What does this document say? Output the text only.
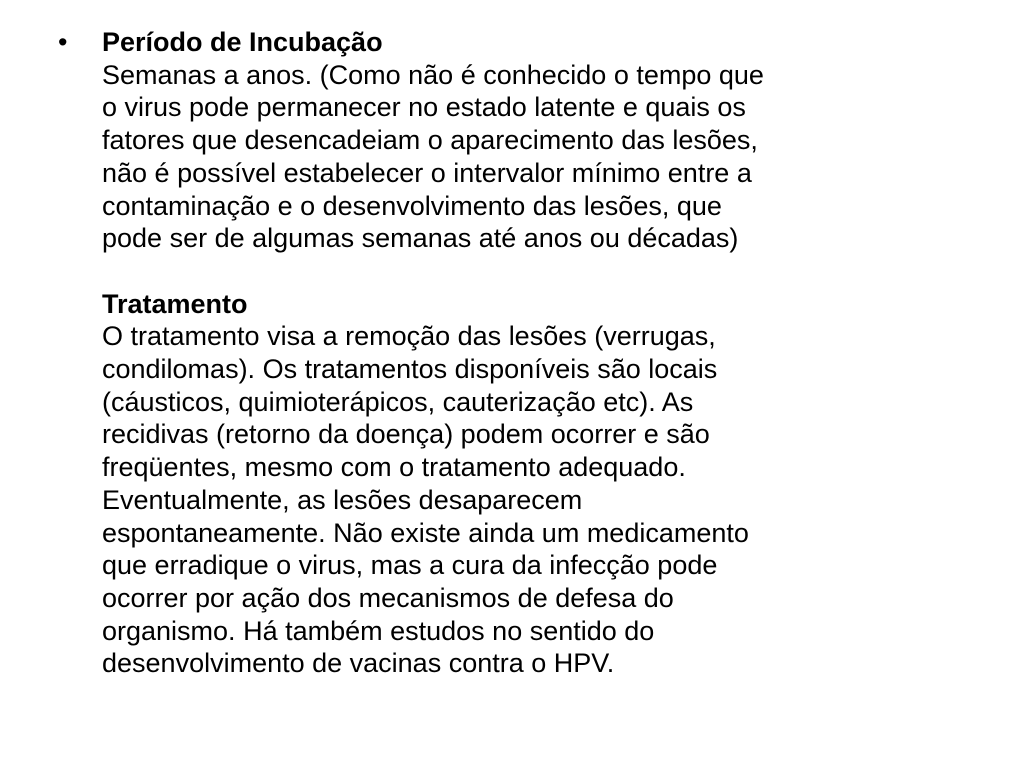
• Período de Incubação
Semanas a anos. (Como não é conhecido o tempo que
o virus pode permanecer no estado latente e quais os
fatores que desencadeiam o aparecimento das lesões,
não é possível estabelecer o intervalor mínimo entre a
contaminação e o desenvolvimento das lesões, que
pode ser de algumas semanas até anos ou décadas)
Tratamento
O tratamento visa a remoção das lesões (verrugas,
condilomas). Os tratamentos disponíveis são locais
(cáusticos, quimioterápicos, cauterização etc). As
recidivas (retorno da doença) podem ocorrer e são
freqüentes, mesmo com o tratamento adequado.
Eventualmente, as lesões desaparecem
espontaneamente. Não existe ainda um medicamento
que erradique o virus, mas a cura da infecção pode
ocorrer por ação dos mecanismos de defesa do
organismo. Há também estudos no sentido do
desenvolvimento de vacinas contra o HPV.
